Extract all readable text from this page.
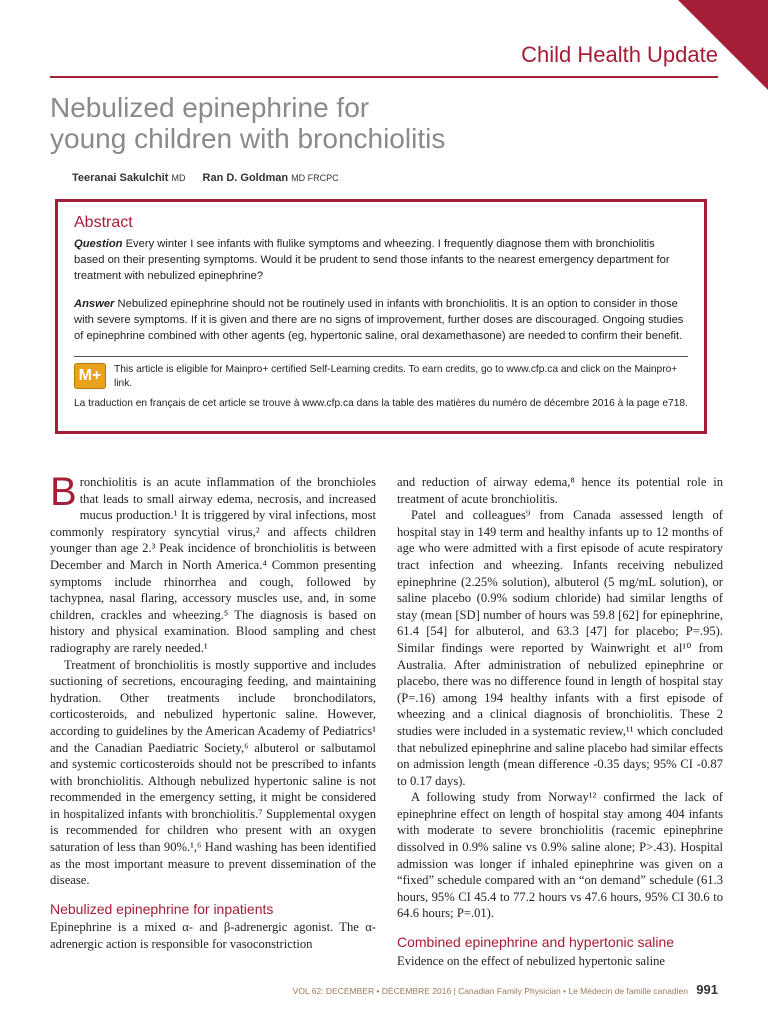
Child Health Update
Nebulized epinephrine for
young children with bronchiolitis
Teeranai Sakulchit MD Ran D. Goldman MD FRCPC
Abstract

Question Every winter I see infants with flulike symptoms and wheezing. I frequently diagnose them with bronchiolitis based on their presenting symptoms. Would it be prudent to send those infants to the nearest emergency department for treatment with nebulized epinephrine?

Answer Nebulized epinephrine should not be routinely used in infants with bronchiolitis. It is an option to consider in those with severe symptoms. If it is given and there are no signs of improvement, further doses are discouraged. Ongoing studies of epinephrine combined with other agents (eg, hypertonic saline, oral dexamethasone) are needed to confirm their benefit.

M+	This article is eligible for Mainpro+ certified Self-Learning credits. To earn credits, go to www.cfp.ca and click on the Mainpro+ link.
La traduction en français de cet article se trouve à www.cfp.ca dans la table des matières du numéro de décembre 2016 à la page e718.

Bronchiolitis is an acute inflammation of the bronchioles that leads to small airway edema, necrosis, and increased mucus production.¹ It is triggered by viral infections, most commonly respiratory syncytial virus,² and affects children younger than age 2.³ Peak incidence of bronchiolitis is between December and March in North America.⁴ Common presenting symptoms include rhinorrhea and cough, followed by tachypnea, nasal flaring, accessory muscles use, and, in some children, crackles and wheezing.⁵ The diagnosis is based on history and physical examination. Blood sampling and chest radiography are rarely needed.¹

Treatment of bronchiolitis is mostly supportive and includes suctioning of secretions, encouraging feeding, and maintaining hydration. Other treatments include bronchodilators, corticosteroids, and nebulized hypertonic saline. However, according to guidelines by the American Academy of Pediatrics¹ and the Canadian Paediatric Society,⁶ albuterol or salbutamol and systemic corticosteroids should not be prescribed to infants with bronchiolitis. Although nebulized hypertonic saline is not recommended in the emergency setting, it might be considered in hospitalized infants with bronchiolitis.⁷ Supplemental oxygen is recommended for children who present with an oxygen saturation of less than 90%.¹,⁶ Hand washing has been identified as the most important measure to prevent dissemination of the disease.

Nebulized epinephrine for inpatients

Epinephrine is a mixed α- and β-adrenergic agonist. The α-adrenergic action is responsible for vasoconstriction

and reduction of airway edema,⁸ hence its potential role in treatment of acute bronchiolitis.

Patel and colleagues⁹ from Canada assessed length of hospital stay in 149 term and healthy infants up to 12 months of age who were admitted with a first episode of acute respiratory tract infection and wheezing. Infants receiving nebulized epinephrine (2.25% solution), albuterol (5 mg/mL solution), or saline placebo (0.9% sodium chloride) had similar lengths of stay (mean [SD] number of hours was 59.8 [62] for epinephrine, 61.4 [54] for albuterol, and 63.3 [47] for placebo; P=.95). Similar findings were reported by Wainwright et al¹⁰ from Australia. After administration of nebulized epinephrine or placebo, there was no difference found in length of hospital stay (P=.16) among 194 healthy infants with a first episode of wheezing and a clinical diagnosis of bronchiolitis. These 2 studies were included in a systematic review,¹¹ which concluded that nebulized epinephrine and saline placebo had similar effects on admission length (mean difference -0.35 days; 95% CI -0.87 to 0.17 days).

A following study from Norway¹² confirmed the lack of epinephrine effect on length of hospital stay among 404 infants with moderate to severe bronchiolitis (racemic epinephrine dissolved in 0.9% saline vs 0.9% saline alone; P>.43). Hospital admission was longer if inhaled epinephrine was given on a “fixed” schedule compared with an “on demand” schedule (61.3 hours, 95% CI 45.4 to 77.2 hours vs 47.6 hours, 95% CI 30.6 to 64.6 hours; P=.01).

Combined epinephrine and hypertonic saline

Evidence on the effect of nebulized hypertonic saline

VOL 62: DECEMBER • DÉCEMBRE 2016 | Canadian Family Physician • Le Médecin de famille canadien 991
